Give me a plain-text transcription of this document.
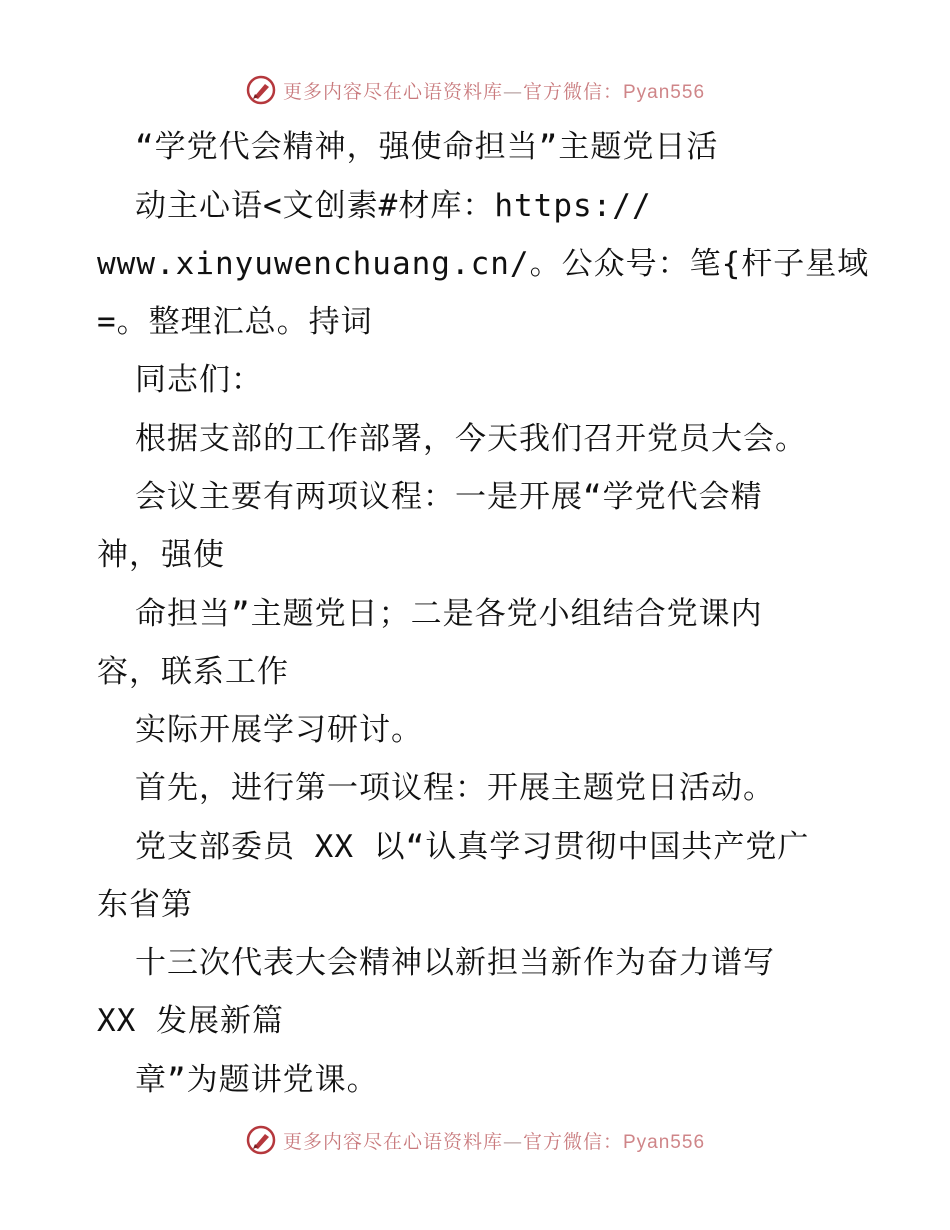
更多内容尽在心语资料库—官方微信：Pyan556
“学党代会精神，强使命担当”主题党日活
动主心语<文创素#材库：https://
www.xinyuwenchuang.cn/。公众号：笔{杆子星域
=。整理汇总。持词
同志们：
根据支部的工作部署，今天我们召开党员大会。
会议主要有两项议程：一是开展“学党代会精
神，强使
命担当”主题党日；二是各党小组结合党课内
容，联系工作
实际开展学习研讨。
首先，进行第一项议程：开展主题党日活动。
党支部委员 XX 以“认真学习贯彻中国共产党广
东省第
十三次代表大会精神以新担当新作为奋力谱写
XX 发展新篇
章”为题讲党课。
更多内容尽在心语资料库—官方微信：Pyan556
